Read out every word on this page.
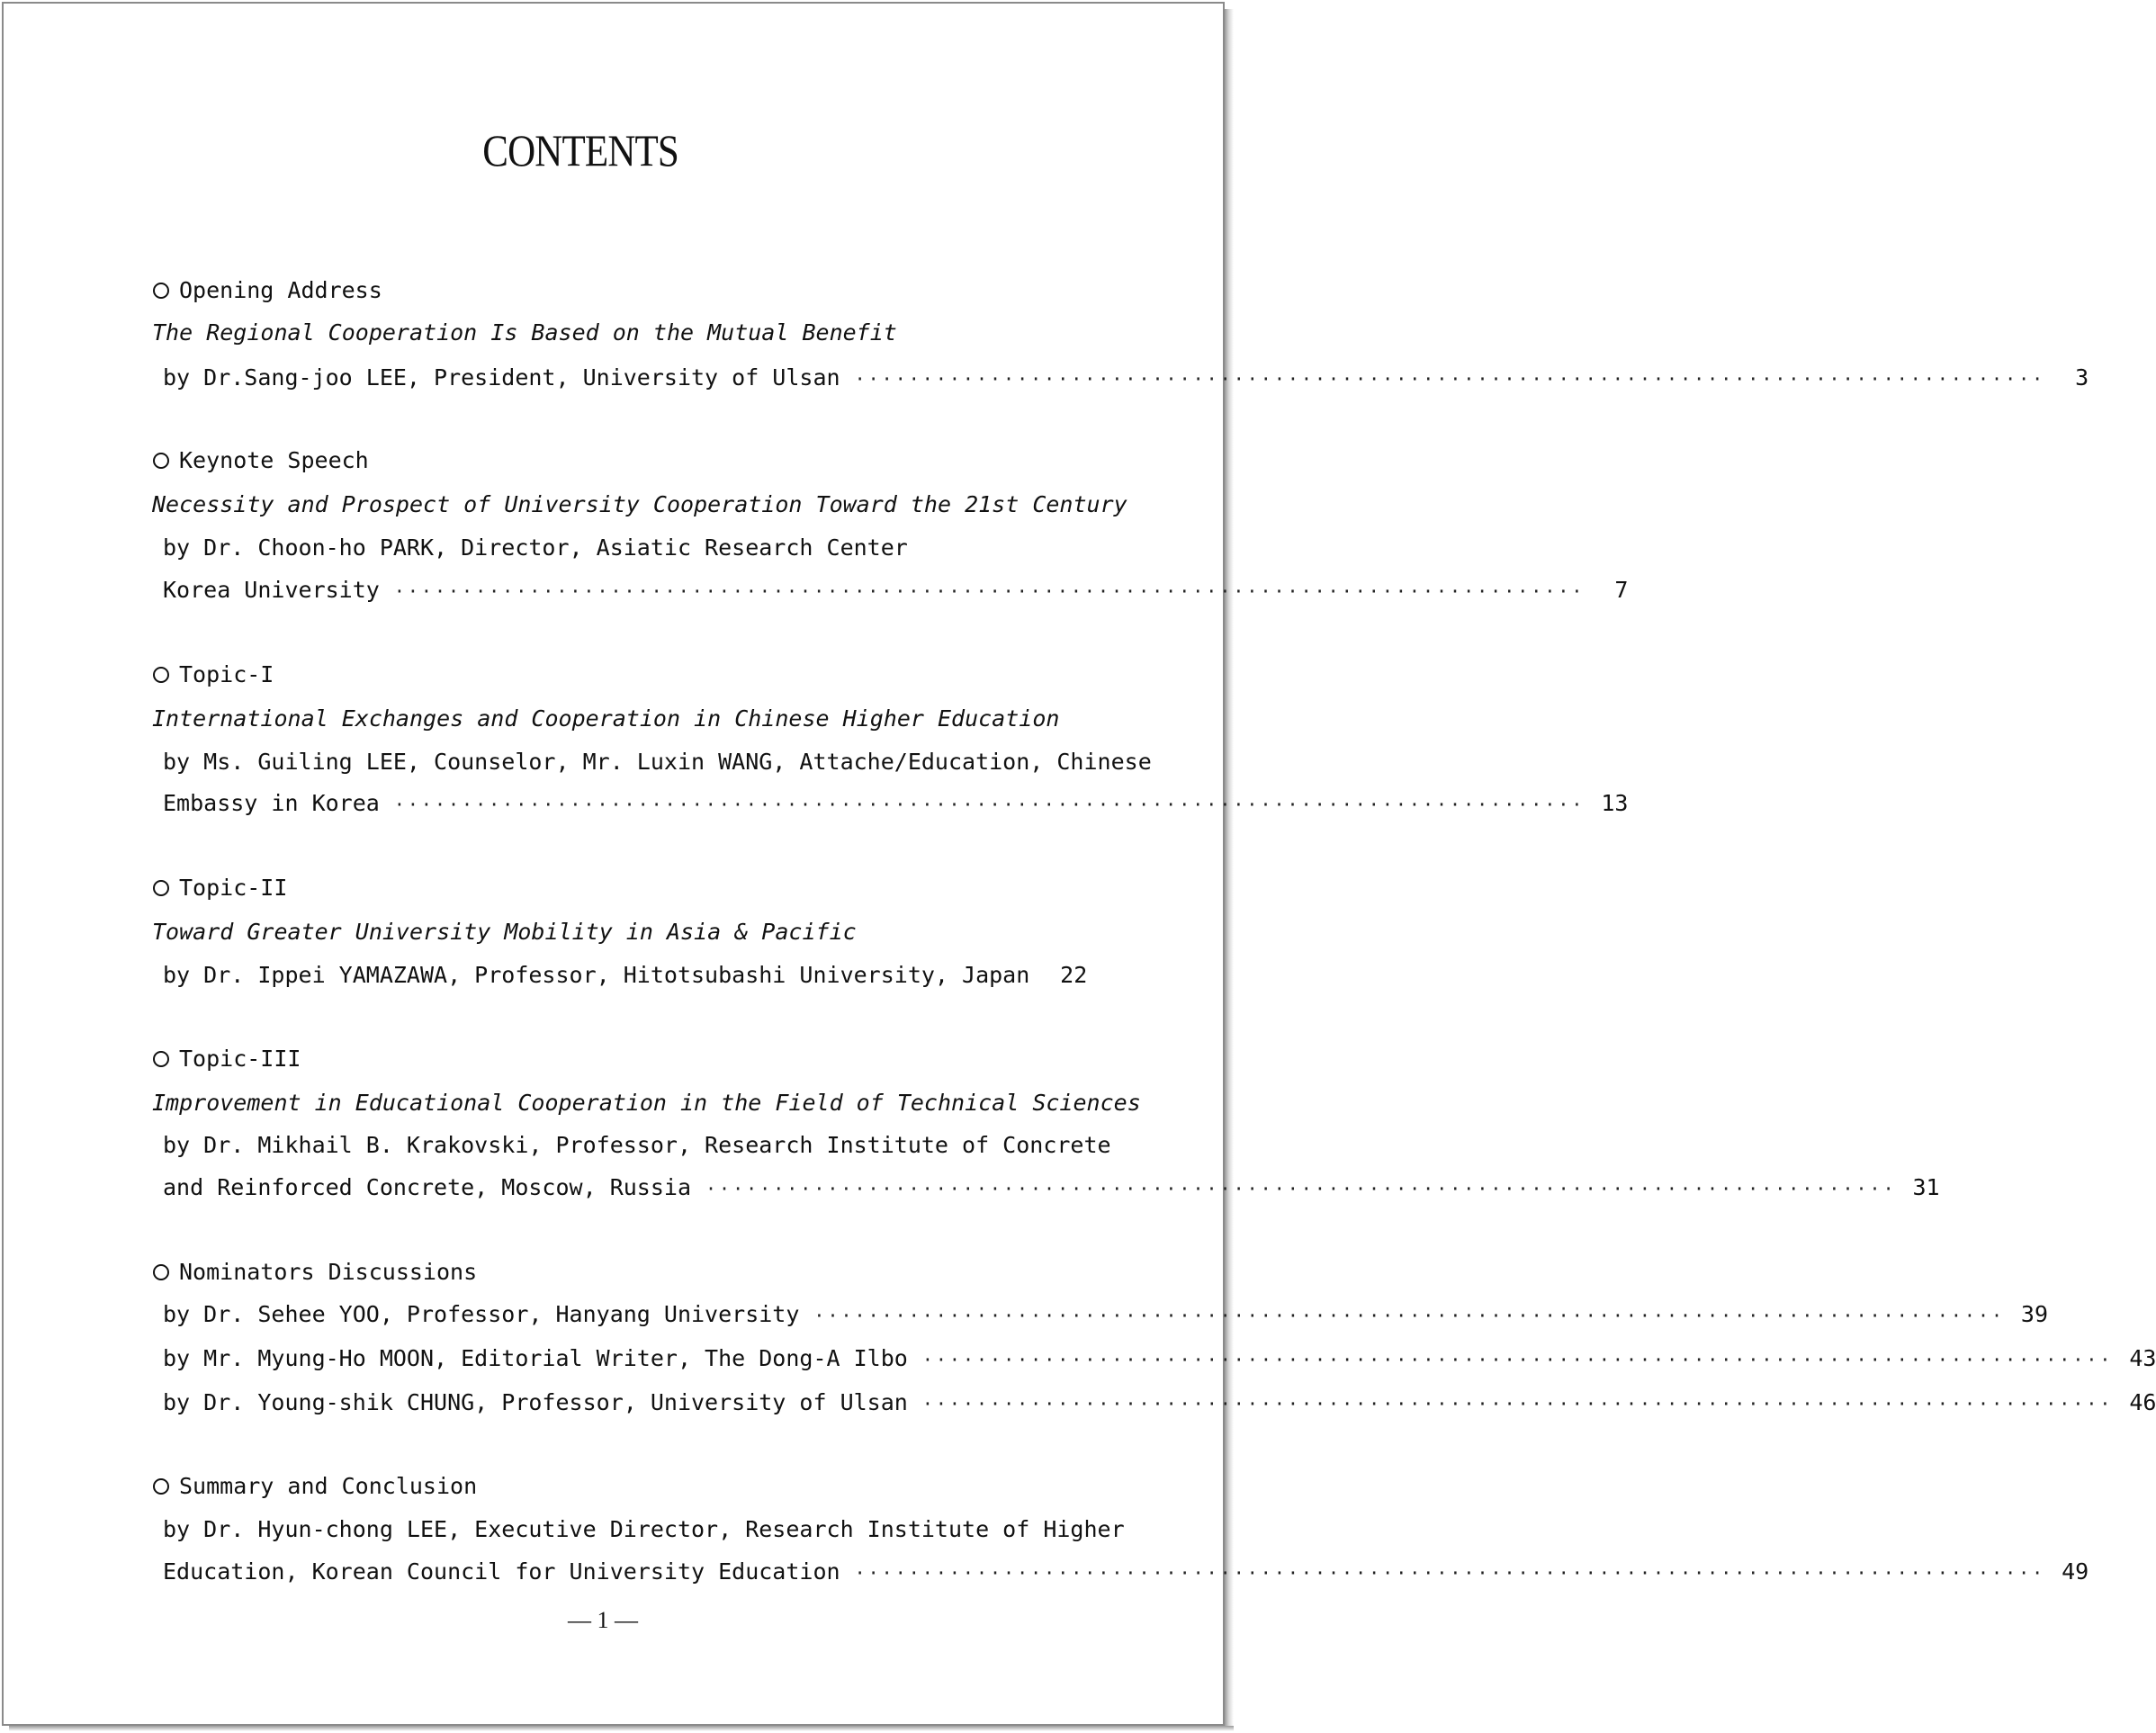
CONTENTS
Opening Address
The Regional Cooperation Is Based on the Mutual Benefit
by Dr.Sang-joo LEE, President, University of Ulsan ························································································	3
Keynote Speech
Necessity and Prospect of University Cooperation Toward the 21st Century
by Dr. Choon-ho PARK, Director, Asiatic Research Center
Korea University ························································································	7
Topic-I
International Exchanges and Cooperation in Chinese Higher Education
by Ms. Guiling LEE, Counselor, Mr. Luxin WANG, Attache/Education, Chinese
Embassy in Korea ························································································ 13
Topic-II
Toward Greater University Mobility in Asia & Pacific
by Dr. Ippei YAMAZAWA, Professor, Hitotsubashi University, Japan 22
Topic-III
Improvement in Educational Cooperation in the Field of Technical Sciences
by Dr. Mikhail B. Krakovski, Professor, Research Institute of Concrete
and Reinforced Concrete, Moscow, Russia ························································································ 31
Nominators Discussions
by Dr. Sehee YOO, Professor, Hanyang University ························································································ 39
by Mr. Myung-Ho MOON, Editorial Writer, The Dong-A Ilbo ························································································ 43
by Dr. Young-shik CHUNG, Professor, University of Ulsan ························································································ 46
Summary and Conclusion
by Dr. Hyun-chong LEE, Executive Director, Research Institute of Higher
Education, Korean Council for University Education ························································································ 49
— 1 —
